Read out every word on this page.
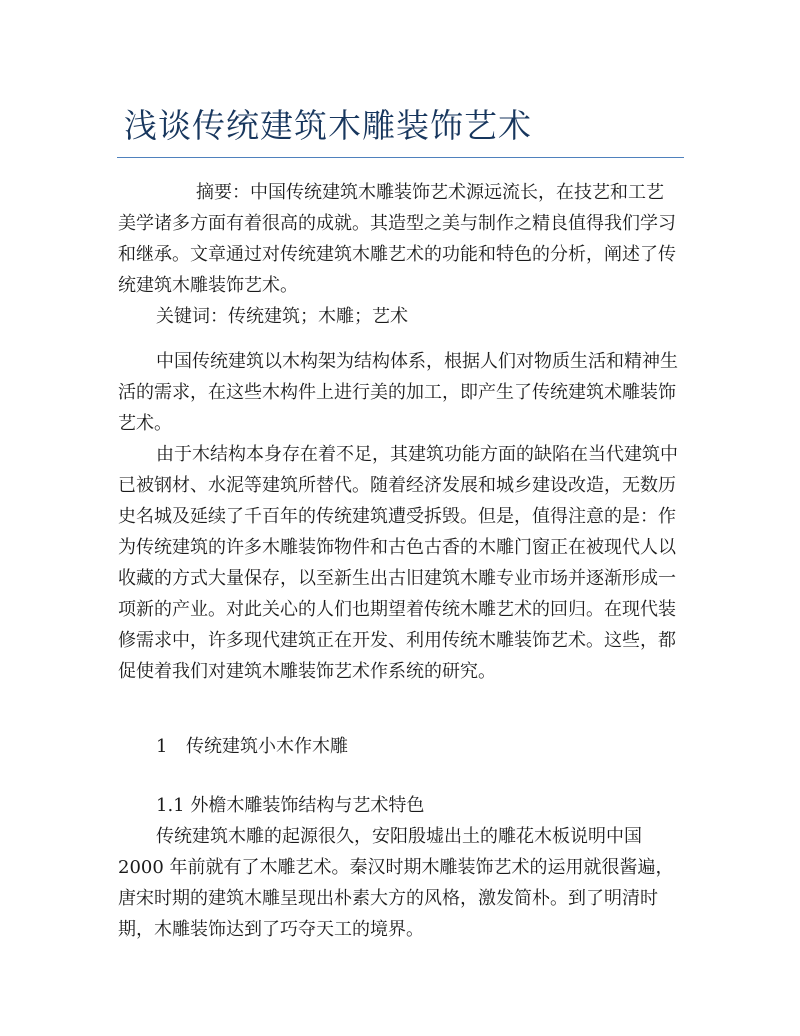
浅谈传统建筑木雕装饰艺术

摘要：中国传统建筑木雕装饰艺术源远流长，在技艺和工艺美学诸多方面有着很高的成就。其造型之美与制作之精良值得我们学习和继承。文章通过对传统建筑木雕艺术的功能和特色的分析，阐述了传统建筑木雕装饰艺术。

关键词：传统建筑；木雕；艺术

中国传统建筑以木构架为结构体系，根据人们对物质生活和精神生活的需求，在这些木构件上进行美的加工，即产生了传统建筑术雕装饰艺术。

由于木结构本身存在着不足，其建筑功能方面的缺陷在当代建筑中已被钢材、水泥等建筑所替代。随着经济发展和城乡建设改造，无数历史名城及延续了千百年的传统建筑遭受拆毁。但是，值得注意的是：作为传统建筑的许多木雕装饰物件和古色古香的木雕门窗正在被现代人以收藏的方式大量保存，以至新生出古旧建筑木雕专业市场并逐渐形成一项新的产业。对此关心的人们也期望着传统木雕艺术的回归。在现代装修需求中，许多现代建筑正在开发、利用传统木雕装饰艺术。这些，都促使着我们对建筑木雕装饰艺术作系统的研究。

1 传统建筑小木作木雕

1.1 外檐木雕装饰结构与艺术特色

传统建筑木雕的起源很久，安阳殷墟出土的雕花木板说明中国2000 年前就有了木雕艺术。秦汉时期木雕装饰艺术的运用就很酱遍，唐宋时期的建筑木雕呈现出朴素大方的风格，激发简朴。到了明清时期，木雕装饰达到了巧夺天工的境界。
